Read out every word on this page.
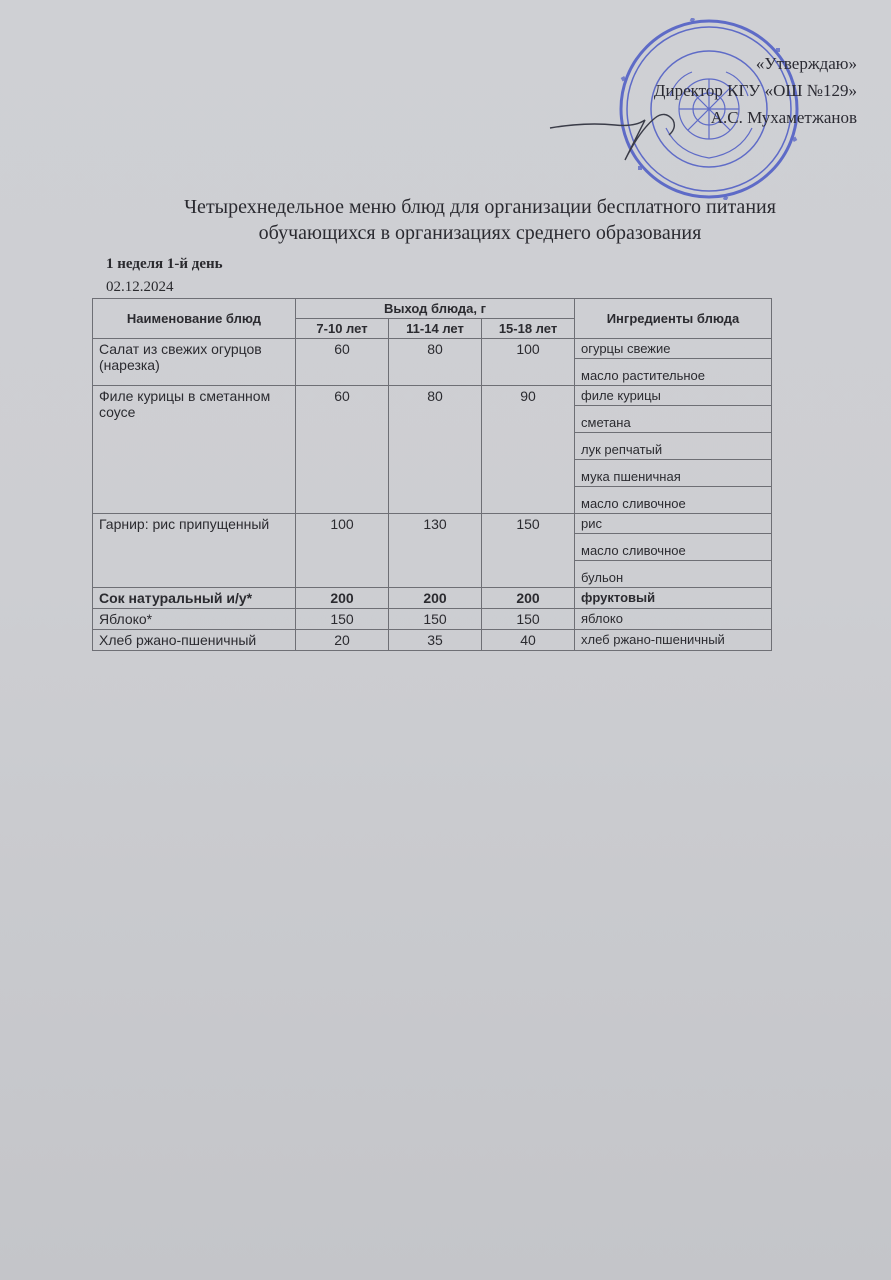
«Утверждаю»
Директор КГУ «ОШ №129»
А.С. Мухаметжанов
Четырехнедельное меню блюд для организации бесплатного питания
обучающихся в организациях среднего образования
1 неделя 1-й день
02.12.2024
Наименование блюд	Выход блюда, г			Ингредиенты блюда
	7-10 лет	11-14 лет	15-18 лет	
Салат из свежих огурцов (нарезка)	60	80	100	огурцы свежие
				масло растительное
Филе курицы в сметанном соусе	60	80	90	филе курицы
				сметана
				лук репчатый
				мука пшеничная
				масло сливочное
Гарнир: рис припущенный	100	130	150	рис
				масло сливочное
				бульон
Сок натуральный и/у*	200	200	200	фруктовый
Яблоко*	150	150	150	яблоко
Хлеб ржано-пшеничный	20	35	40	хлеб ржано-пшеничный
